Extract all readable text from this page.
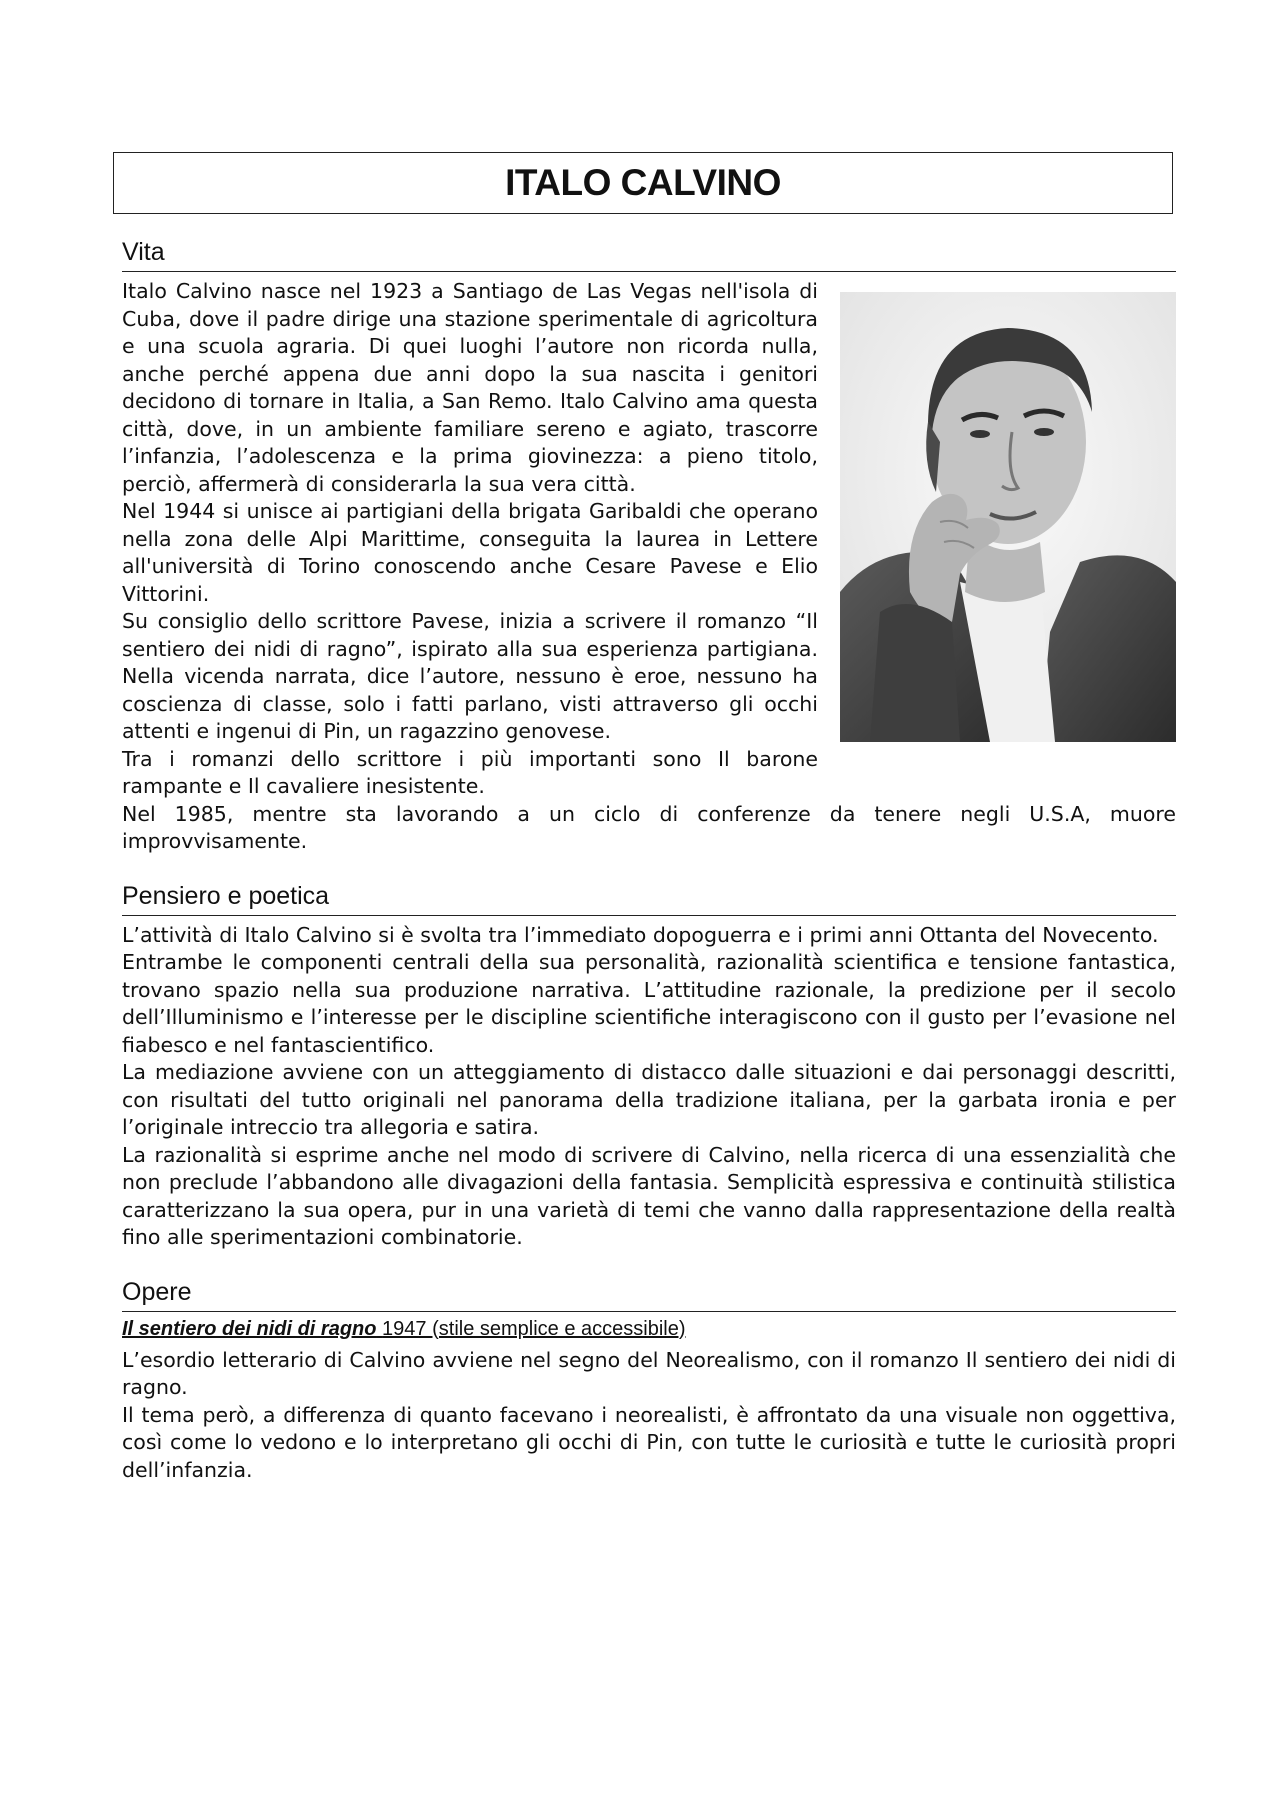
ITALO CALVINO
Vita

Italo Calvino nasce nel 1923 a Santiago de Las Vegas nell'isola di Cuba, dove il padre dirige una stazione sperimentale di agricoltura e una scuola agraria. Di quei luoghi l’autore non ricorda nulla, anche perché appena due anni dopo la sua nascita i genitori decidono di tornare in Italia, a San Remo. Italo Calvino ama questa città, dove, in un ambiente familiare sereno e agiato, trascorre l’infanzia, l’adolescenza e la prima giovinezza: a pieno titolo, perciò, affermerà di considerarla la sua vera città.

Nel 1944 si unisce ai partigiani della brigata Garibaldi che operano nella zona delle Alpi Marittime, conseguita la laurea in Lettere all'università di Torino conoscendo anche Cesare Pavese e Elio Vittorini.

Su consiglio dello scrittore Pavese, inizia a scrivere il romanzo “Il sentiero dei nidi di ragno”, ispirato alla sua esperienza partigiana. Nella vicenda narrata, dice l’autore, nessuno è eroe, nessuno ha coscienza di classe, solo i fatti parlano, visti attraverso gli occhi attenti e ingenui di Pin, un ragazzino genovese.

Tra i romanzi dello scrittore i più importanti sono Il barone rampante e Il cavaliere inesistente.

Nel 1985, mentre sta lavorando a un ciclo di conferenze da tenere negli U.S.A, muore improvvisamente.

Pensiero e poetica

L’attività di Italo Calvino si è svolta tra l’immediato dopoguerra e i primi anni Ottanta del Novecento.

Entrambe le componenti centrali della sua personalità, razionalità scientifica e tensione fantastica, trovano spazio nella sua produzione narrativa. L’attitudine razionale, la predizione per il secolo dell’Illuminismo e l’interesse per le discipline scientifiche interagiscono con il gusto per l’evasione nel fiabesco e nel fantascientifico.

La mediazione avviene con un atteggiamento di distacco dalle situazioni e dai personaggi descritti, con risultati del tutto originali nel panorama della tradizione italiana, per la garbata ironia e per l’originale intreccio tra allegoria e satira.

La razionalità si esprime anche nel modo di scrivere di Calvino, nella ricerca di una essenzialità che non preclude l’abbandono alle divagazioni della fantasia. Semplicità espressiva e continuità stilistica caratterizzano la sua opera, pur in una varietà di temi che vanno dalla rappresentazione della realtà fino alle sperimentazioni combinatorie.

Opere
Il sentiero dei nidi di ragno 1947 (stile semplice e accessibile)

L’esordio letterario di Calvino avviene nel segno del Neorealismo, con il romanzo Il sentiero dei nidi di ragno.

Il tema però, a differenza di quanto facevano i neorealisti, è affrontato da una visuale non oggettiva, così come lo vedono e lo interpretano gli occhi di Pin, con tutte le curiosità e tutte le curiosità propri dell’infanzia.
